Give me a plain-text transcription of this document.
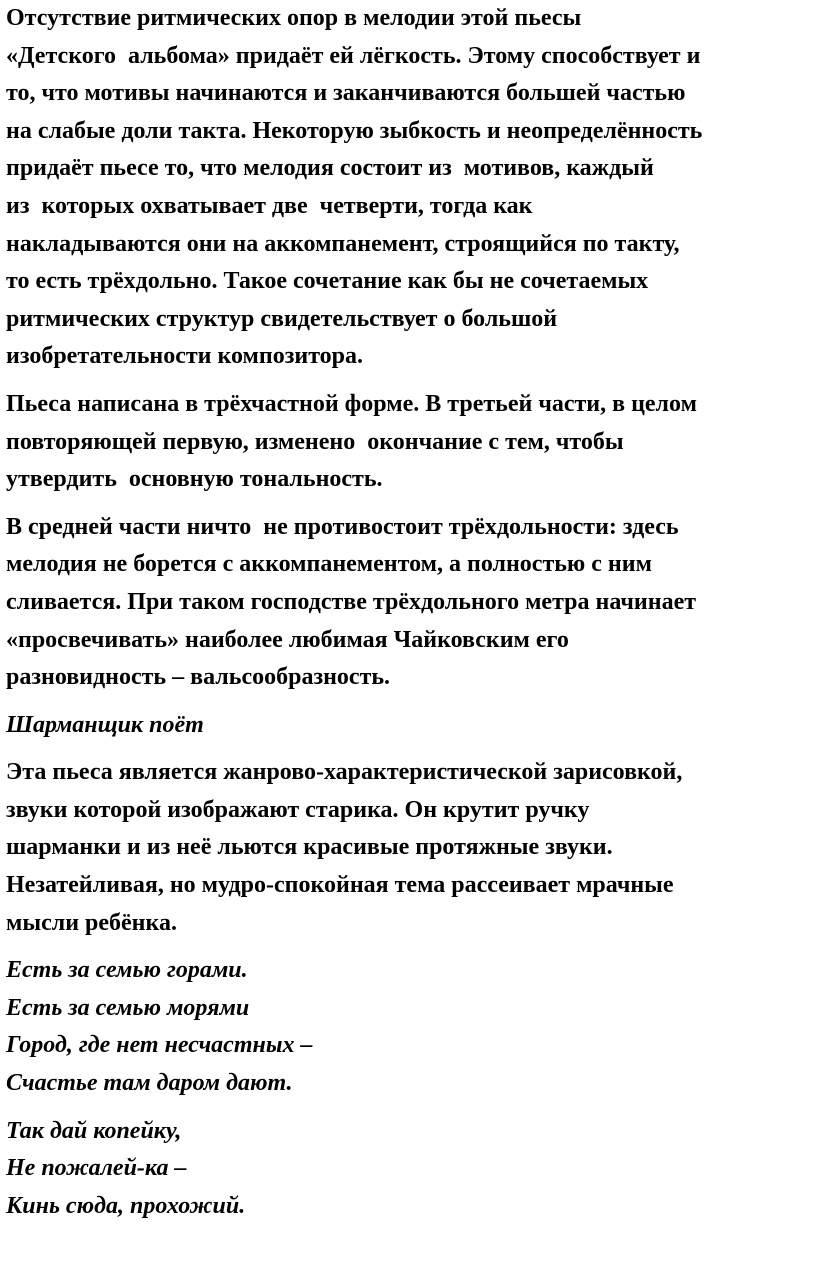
Отсутствие ритмических опор в мелодии этой пьесы
«Детского  альбома» придаёт ей лёгкость. Этому способствует и
то, что мотивы начинаются и заканчиваются большей частью
на слабые доли такта. Некоторую зыбкость и неопределённость
придаёт пьесе то, что мелодия состоит из  мотивов, каждый
из  которых охватывает две  четверти, тогда как
накладываются они на аккомпанемент, строящийся по такту,
то есть трёхдольно. Такое сочетание как бы не сочетаемых
ритмических структур свидетельствует о большой
изобретательности композитора.
Пьеса написана в трёхчастной форме. В третьей части, в целом
повторяющей первую, изменено  окончание с тем, чтобы
утвердить  основную тональность.
В средней части ничто  не противостоит трёхдольности: здесь
мелодия не борется с аккомпанементом, а полностью с ним
сливается. При таком господстве трёхдольного метра начинает
«просвечивать» наиболее любимая Чайковским его
разновидность – вальсообразность.
Шарманщик поёт
Эта пьеса является жанрово-характеристической зарисовкой,
звуки которой изображают старика. Он крутит ручку
шарманки и из неё льются красивые протяжные звуки.
Незатейливая, но мудро-спокойная тема рассеивает мрачные
мысли ребёнка.
Есть за семью горами.
Есть за семью морями
Город, где нет несчастных –
Счастье там даром дают.
Так дай копейку,
Не пожалей-ка –
Кинь сюда, прохожий.
